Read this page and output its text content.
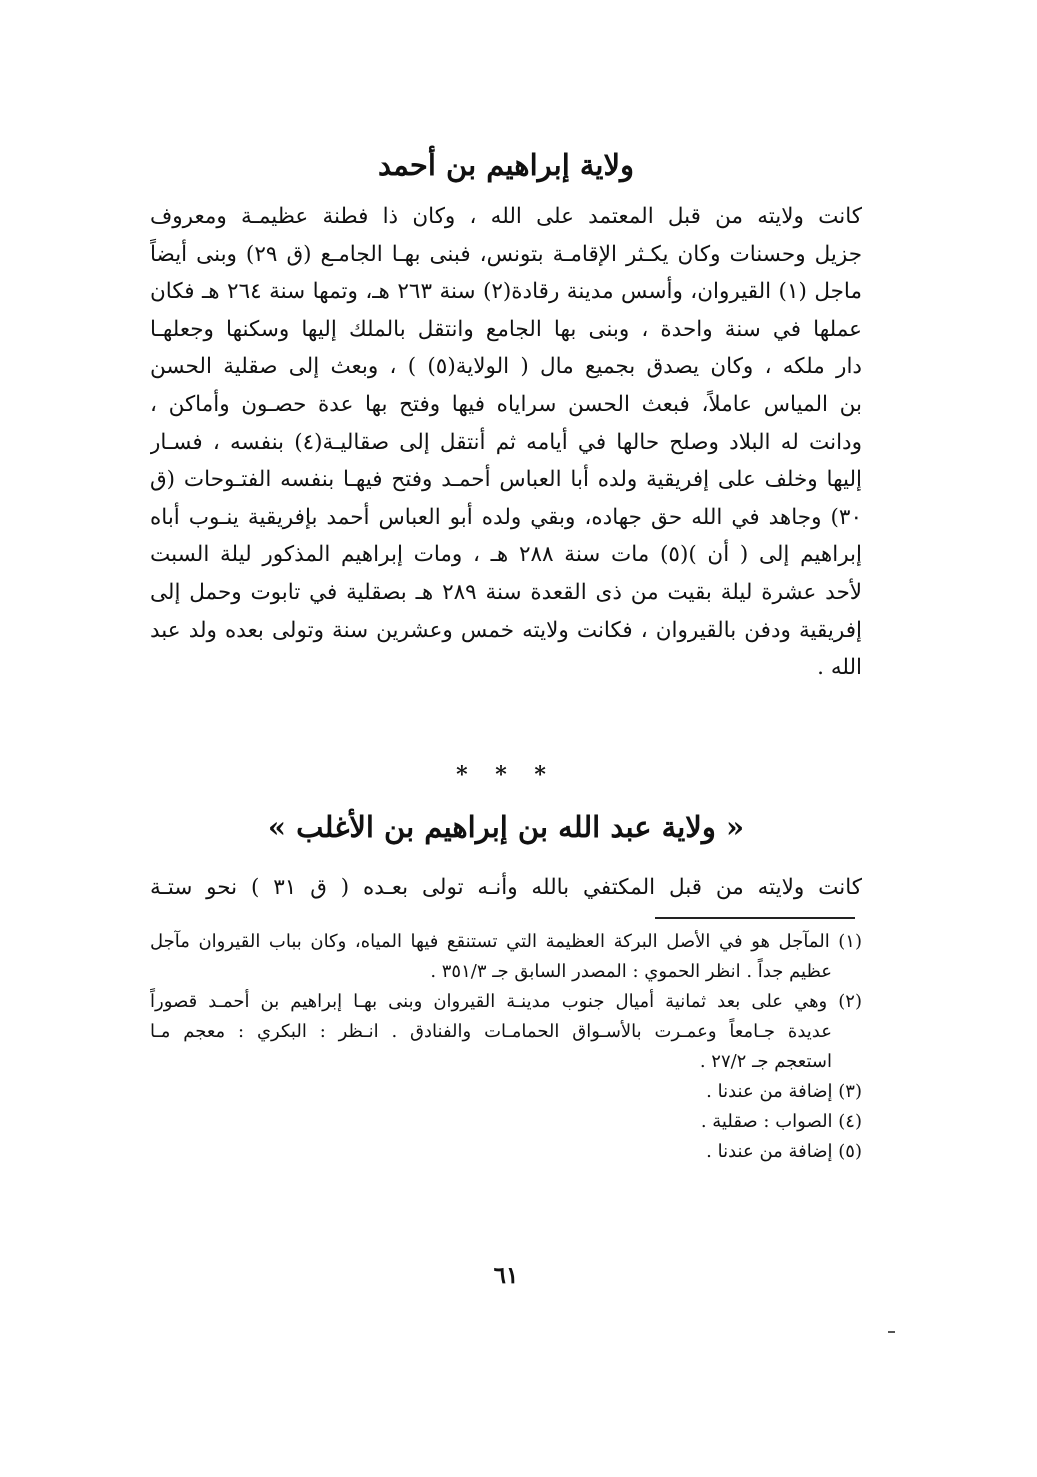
ولاية إبراهيم بن أحمد
كانت ولايته من قبل المعتمد على الله ، وكان ذا فطنة عظيمـة ومعروف
جزيل وحسنات وكان يكـثر الإقامـة بتونس، فبنى بهـا الجامـع (ق ٢٩) وبنى أيضاً
ماجل (١) القيروان، وأسس مدينة رقادة(٢) سنة ٢٦٣ هـ، وتمها سنة ٢٦٤ هـ فكان
عملها في سنة واحدة ، وبنى بها الجامع وانتقل بالملك إليها وسكنها وجعلهـا
دار ملكه ، وكان يصدق بجميع مال ( الولاية(٥) ) ، وبعث إلى صقلية الحسن
بن المياس عاملاً، فبعث الحسن سراياه فيها وفتح بها عدة حصـون وأماكن ،
ودانت له البلاد وصلح حالها في أيامه ثم أنتقل إلى صقاليـة(٤) بنفسه ، فسـار
إليها وخلف على إفريقية ولده أبا العباس أحمـد وفتح فيهـا بنفسه الفتـوحات (ق
٣٠) وجاهد في الله حق جهاده، وبقي ولده أبو العباس أحمد بإفريقية ينـوب أباه
إبراهيم إلى ( أن )(٥) مات سنة ٢٨٨ هـ ، ومات إبراهيم المذكور ليلة السبت
لأحد عشرة ليلة بقيت من ذى القعدة سنة ٢٨٩ هـ بصقلية في تابوت وحمل إلى
إفريقية ودفن بالقيروان ، فكانت ولايته خمس وعشرين سنة وتولى بعده ولد عبد
الله .
* * *
« ولاية عبد الله بن إبراهيم بن الأغلب »
كانت ولايته من قبل المكتفي بالله وأنـه تولى بعـده ( ق ٣١ ) نحو ستـة
(١) المآجل هو في الأصل البركة العظيمة التي تستنقع فيها المياه، وكان بباب القيروان مآجل
عظيم جداً . انظر الحموي : المصدر السابق جـ ٣٥١/٣ .
(٢) وهي على بعد ثمانية أميال جنوب مدينـة القيروان وبنى بهـا إبراهيم بن أحمـد قصوراً
عديدة جـامعاً وعمـرت بالأسـواق الحمامـات والفنادق . انـظر : البكري : معجم مـا
استعجم جـ ٢٧/٢ .
(٣) إضافة من عندنا .
(٤) الصواب : صقلية .
(٥) إضافة من عندنا .
٦١
